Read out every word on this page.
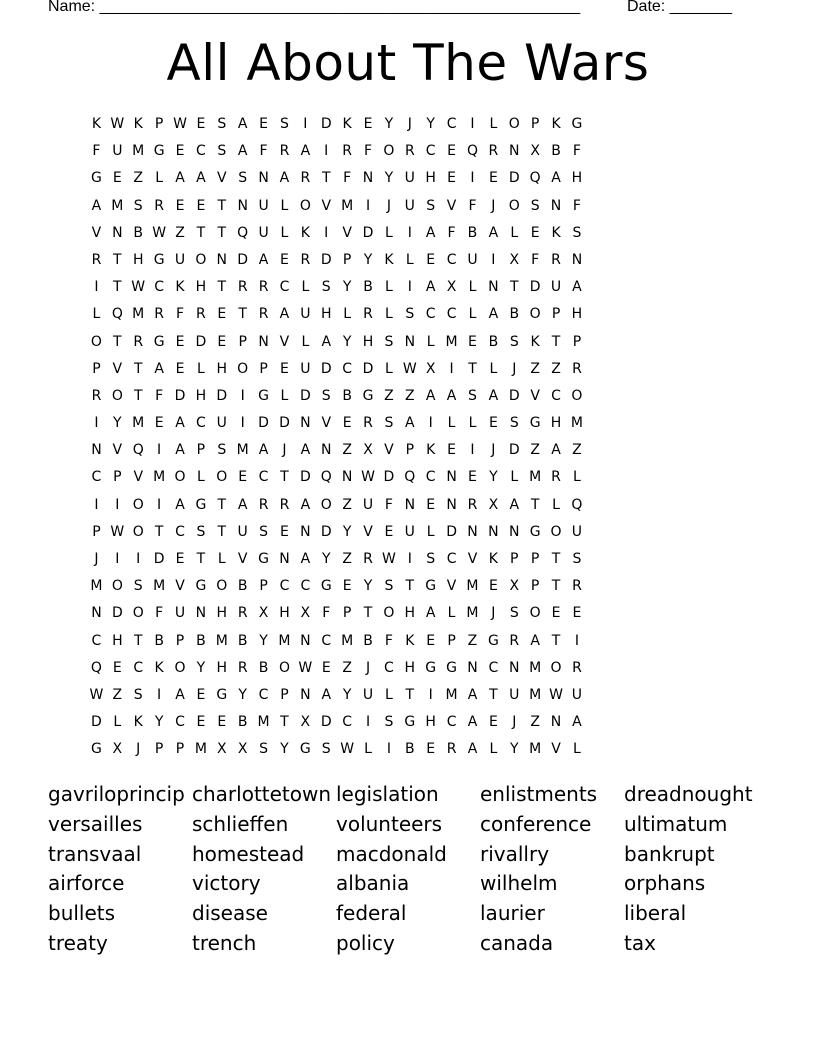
Name: ______________________________________________________	Date: _______
All About The Wars
K W K P W E S A E S	I D K E Y	J	Y C I	L O P K G
F U M G E C S A F R A	I R F O R C E Q R N X B F
G E Z L A A V S N A R T F N Y U H E	I	E D Q A H
A M S R E E T N U L O V M I	J U S V F	J O S N F
V N B W Z T T Q U L K	I	V D L	I	A F B A L E K S
R T H G U O N D A E R D P Y K L E C U I	X F R N
I	T W C K H T R R C L S Y B L	I	A X L N T D U A
L Q M R F R E T R A U H L R L S C C L A B O P H
O T R G E D E P N V L A Y H S N L M E B S K T P
P V T A E L H O P E U D C D L W X	I	T L	J	Z Z R
R O T F D H D I G L D S B G Z Z A A S A D V C O
I	Y M E A C U I D D N V E R S A	I	L L E S G H M
N V Q I	A P S M A	J	A N Z X V P K E	I	J D Z A Z
C P V M O L O E C T D Q N W D Q C N E Y L M R L
I	I O I	A G T A R R A O Z U F N E N R X A T L Q
P W O T C S T U S E N D Y V E U L D N N N G O U
J	I	I D E T L V G N A Y Z R W I	S C V K P P T S
M O S M V G O B P C C G E Y S T G V M E X P T R
N D O F U N H R X H X F P T O H A L M J	S O E E
C H T B P B M B Y M N C M B F K E P Z G R A T	I
Q E C K O Y H R B O W E Z	J C H G G N C N M O R
W Z S	I	A E G Y C P N A Y U L T	I M A T U M W U
D L K Y C E E B M T X D C I	S G H C A E	J	Z N A
G X	J	P P M X X S Y G S W L	I	B E R A L Y M V L
gavriloprincip
versailles
transvaal
airforce
bullets
treaty
charlottetown
schlieffen
homestead
victory
disease
trench
legislation
volunteers
macdonald
albania
federal
policy
enlistments
conference
rivallry
wilhelm
laurier
canada
dreadnought
ultimatum
bankrupt
orphans
liberal
tax
